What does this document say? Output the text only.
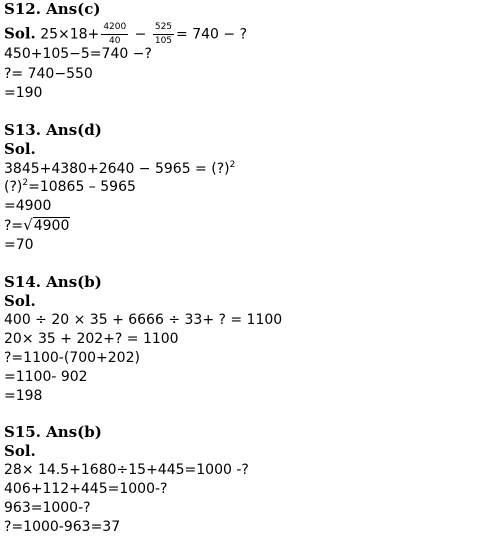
S12. Ans(c)
Sol. $25\times 18+ \frac{4200}{40} - \frac{525}{105} = 740$ − ?
450+105−5=740 −?
?= 740−550
=190
S13. Ans(d)
Sol.
3845+4380+2640 − 5965 = (?)$^2$
(?)$^2$=10865 – 5965
=4900
?=√4900
=70
S14. Ans(b)
Sol.
400 ÷ 20 × 35 + 6666 ÷ 33+ ? = 1100
20× 35 + 202+? = 1100
?=1100-(700+202)
=1100- 902
=198
S15. Ans(b)
Sol.
28× 14.5+1680÷15+445=1000 -?
406+112+445=1000-?
963=1000-?
?=1000-963=37
